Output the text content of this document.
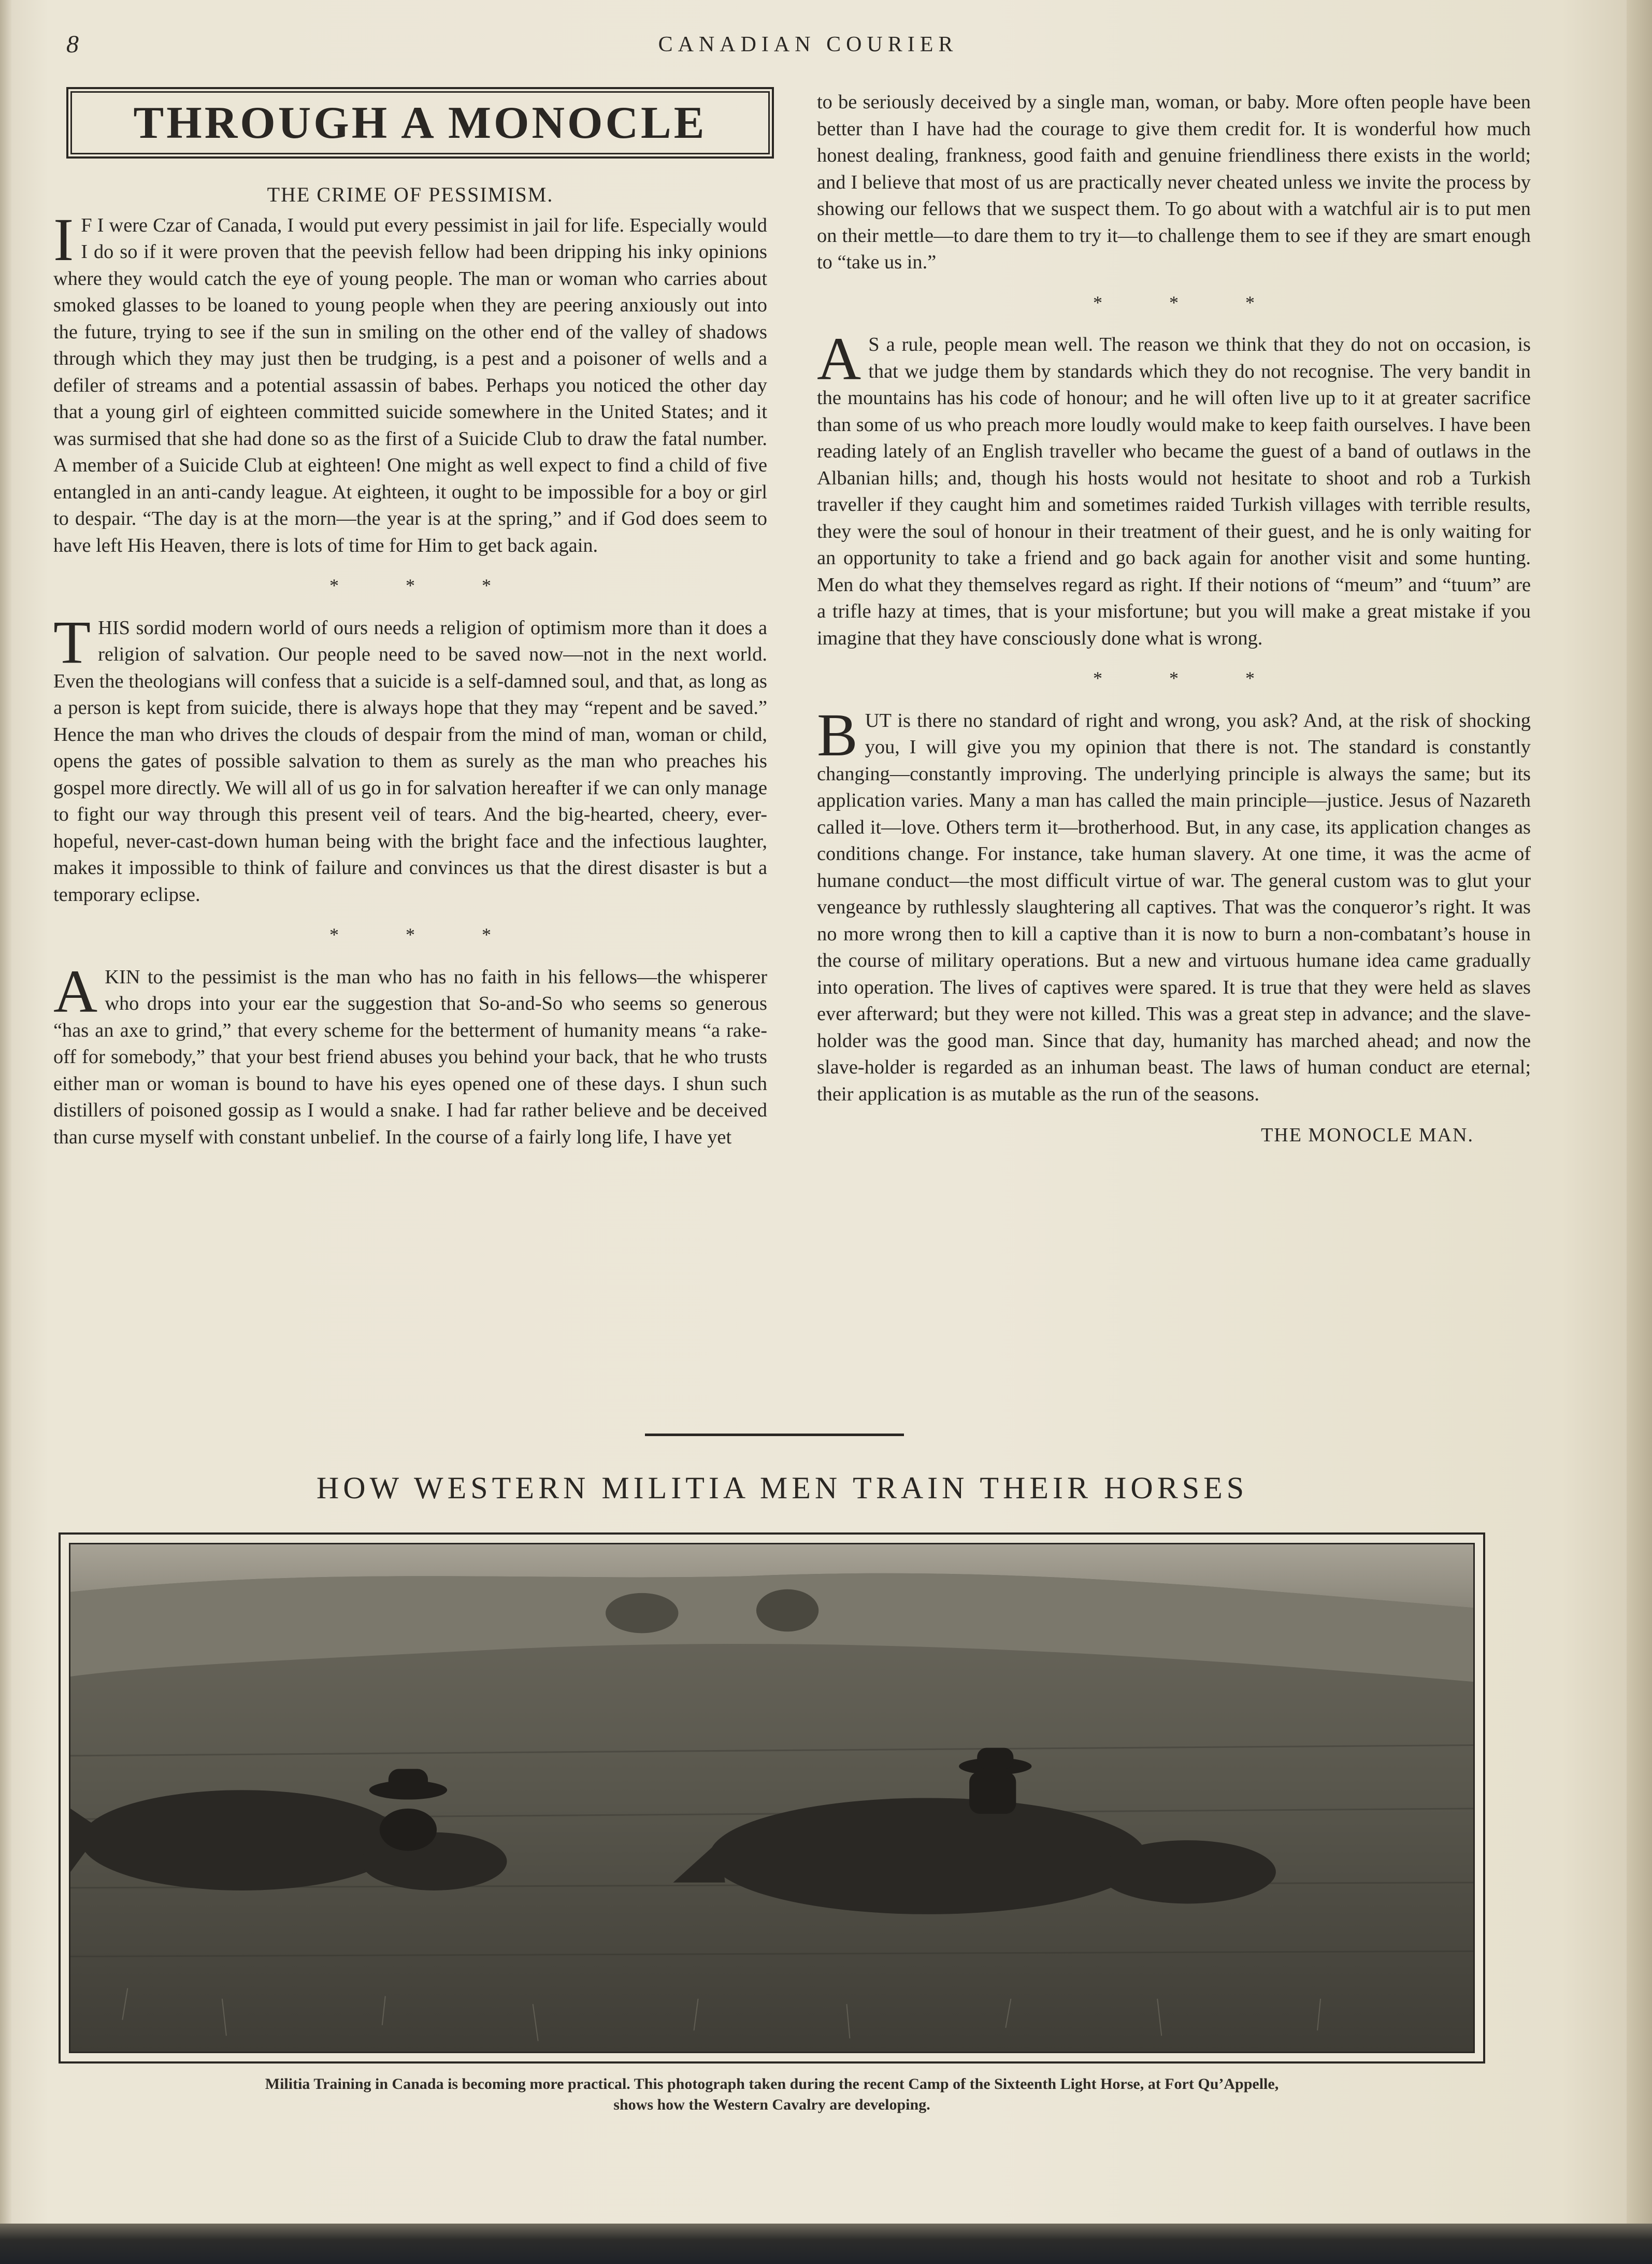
8	CANADIAN COURIER
THROUGH A MONOCLE
THE CRIME OF PESSIMISM.

IF I were Czar of Canada, I would put every pessimist in jail for life. Especially would I do so if it were proven that the peevish fellow had been dripping his inky opinions where they would catch the eye of young people. The man or woman who carries about smoked glasses to be loaned to young people when they are peering anxiously out into the future, trying to see if the sun in smiling on the other end of the valley of shadows through which they may just then be trudging, is a pest and a poisoner of wells and a defiler of streams and a potential assassin of babes. Perhaps you noticed the other day that a young girl of eighteen committed suicide somewhere in the United States; and it was surmised that she had done so as the first of a Suicide Club to draw the fatal number. A member of a Suicide Club at eighteen! One might as well expect to find a child of five entangled in an anti-candy league. At eighteen, it ought to be impossible for a boy or girl to despair. “The day is at the morn—the year is at the spring,” and if God does seem to have left His Heaven, there is lots of time for Him to get back again.

* * *

THIS sordid modern world of ours needs a religion of optimism more than it does a religion of salvation. Our people need to be saved now—not in the next world. Even the theologians will confess that a suicide is a self-damned soul, and that, as long as a person is kept from suicide, there is always hope that they may “repent and be saved.” Hence the man who drives the clouds of despair from the mind of man, woman or child, opens the gates of possible salvation to them as surely as the man who preaches his gospel more directly. We will all of us go in for salvation hereafter if we can only manage to fight our way through this present veil of tears. And the big-hearted, cheery, ever-hopeful, never-cast-down human being with the bright face and the infectious laughter, makes it impossible to think of failure and convinces us that the direst disaster is but a temporary eclipse.

* * *

AKIN to the pessimist is the man who has no faith in his fellows—the whisperer who drops into your ear the suggestion that So-and-So who seems so generous “has an axe to grind,” that every scheme for the betterment of humanity means “a rake-off for somebody,” that your best friend abuses you behind your back, that he who trusts either man or woman is bound to have his eyes opened one of these days. I shun such distillers of poisoned gossip as I would a snake. I had far rather believe and be deceived than curse myself with constant unbelief. In the course of a fairly long life, I have yet

to be seriously deceived by a single man, woman, or baby. More often people have been better than I have had the courage to give them credit for. It is wonderful how much honest dealing, frankness, good faith and genuine friendliness there exists in the world; and I believe that most of us are practically never cheated unless we invite the process by showing our fellows that we suspect them. To go about with a watchful air is to put men on their mettle—to dare them to try it—to challenge them to see if they are smart enough to “take us in.”

* * *

AS a rule, people mean well. The reason we think that they do not on occasion, is that we judge them by standards which they do not recognise. The very bandit in the mountains has his code of honour; and he will often live up to it at greater sacrifice than some of us who preach more loudly would make to keep faith ourselves. I have been reading lately of an English traveller who became the guest of a band of outlaws in the Albanian hills; and, though his hosts would not hesitate to shoot and rob a Turkish traveller if they caught him and sometimes raided Turkish villages with terrible results, they were the soul of honour in their treatment of their guest, and he is only waiting for an opportunity to take a friend and go back again for another visit and some hunting. Men do what they themselves regard as right. If their notions of “meum” and “tuum” are a trifle hazy at times, that is your misfortune; but you will make a great mistake if you imagine that they have consciously done what is wrong.

* * *

BUT is there no standard of right and wrong, you ask? And, at the risk of shocking you, I will give you my opinion that there is not. The standard is constantly changing—constantly improving. The underlying principle is always the same; but its application varies. Many a man has called the main principle—justice. Jesus of Nazareth called it—love. Others term it—brotherhood. But, in any case, its application changes as conditions change. For instance, take human slavery. At one time, it was the acme of humane conduct—the most difficult virtue of war. The general custom was to glut your vengeance by ruthlessly slaughtering all captives. That was the conqueror’s right. It was no more wrong then to kill a captive than it is now to burn a non-combatant’s house in the course of military operations. But a new and virtuous humane idea came gradually into operation. The lives of captives were spared. It is true that they were held as slaves ever afterward; but they were not killed. This was a great step in advance; and the slave-holder was the good man. Since that day, humanity has marched ahead; and now the slave-holder is regarded as an inhuman beast. The laws of human conduct are eternal; their application is as mutable as the run of the seasons.

THE MONOCLE MAN.
HOW WESTERN MILITIA MEN TRAIN THEIR HORSES
Militia Training in Canada is becoming more practical. This photograph taken during the recent Camp of the Sixteenth Light Horse, at Fort Qu’Appelle,
shows how the Western Cavalry are developing.
